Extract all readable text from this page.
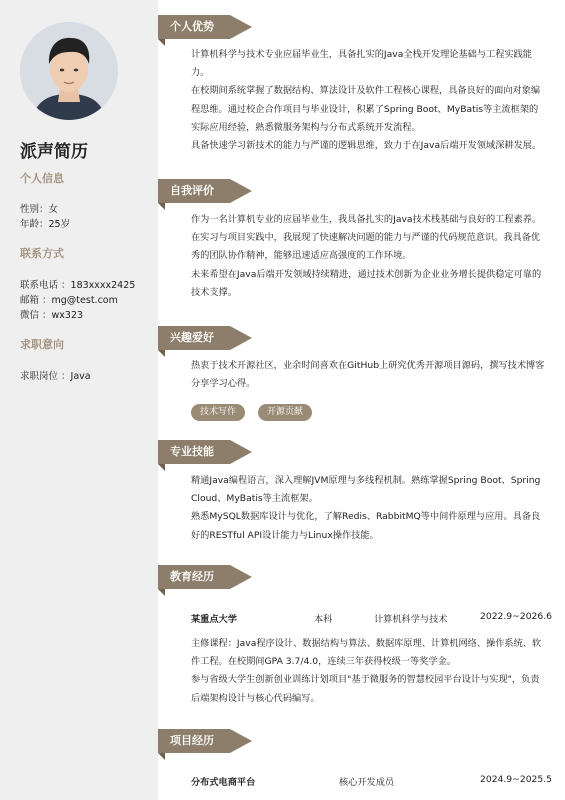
派声简历
个人信息
性别：女
年龄：25岁
联系方式
联系电话 ：183xxxx2425
邮箱 ：mg@test.com
微信 ：wx323
求职意向
求职岗位 ：Java
个人优势

计算机科学与技术专业应届毕业生，具备扎实的Java全栈开发理论基础与工程实践能力。

在校期间系统掌握了数据结构、算法设计及软件工程核心课程，具备良好的面向对象编程思维。通过校企合作项目与毕业设计，积累了Spring Boot、MyBatis等主流框架的实际应用经验，熟悉微服务架构与分布式系统开发流程。

具备快速学习新技术的能力与严谨的逻辑思维，致力于在Java后端开发领域深耕发展。

自我评价

作为一名计算机专业的应届毕业生，我具备扎实的Java技术栈基础与良好的工程素养。

在实习与项目实践中，我展现了快速解决问题的能力与严谨的代码规范意识。我具备优秀的团队协作精神，能够迅速适应高强度的工作环境。

未来希望在Java后端开发领域持续精进，通过技术创新为企业业务增长提供稳定可靠的技术支撑。

兴趣爱好

热衷于技术开源社区，业余时间喜欢在GitHub上研究优秀开源项目源码，撰写技术博客分享学习心得。

技术写作	开源贡献
专业技能

精通Java编程语言，深入理解JVM原理与多线程机制。熟练掌握Spring Boot、Spring Cloud、MyBatis等主流框架。

熟悉MySQL数据库设计与优化，了解Redis、RabbitMQ等中间件原理与应用。具备良好的RESTful API设计能力与Linux操作技能。

教育经历
某重点大学	本科	计算机科学与技术	2022.9~2026.6

主修课程：Java程序设计、数据结构与算法、数据库原理、计算机网络、操作系统、软件工程。在校期间GPA 3.7/4.0，连续三年获得校级一等奖学金。

参与省级大学生创新创业训练计划项目"基于微服务的智慧校园平台设计与实现"，负责后端架构设计与核心代码编写。

项目经历
分布式电商平台	核心开发成员	2024.9~2025.5
